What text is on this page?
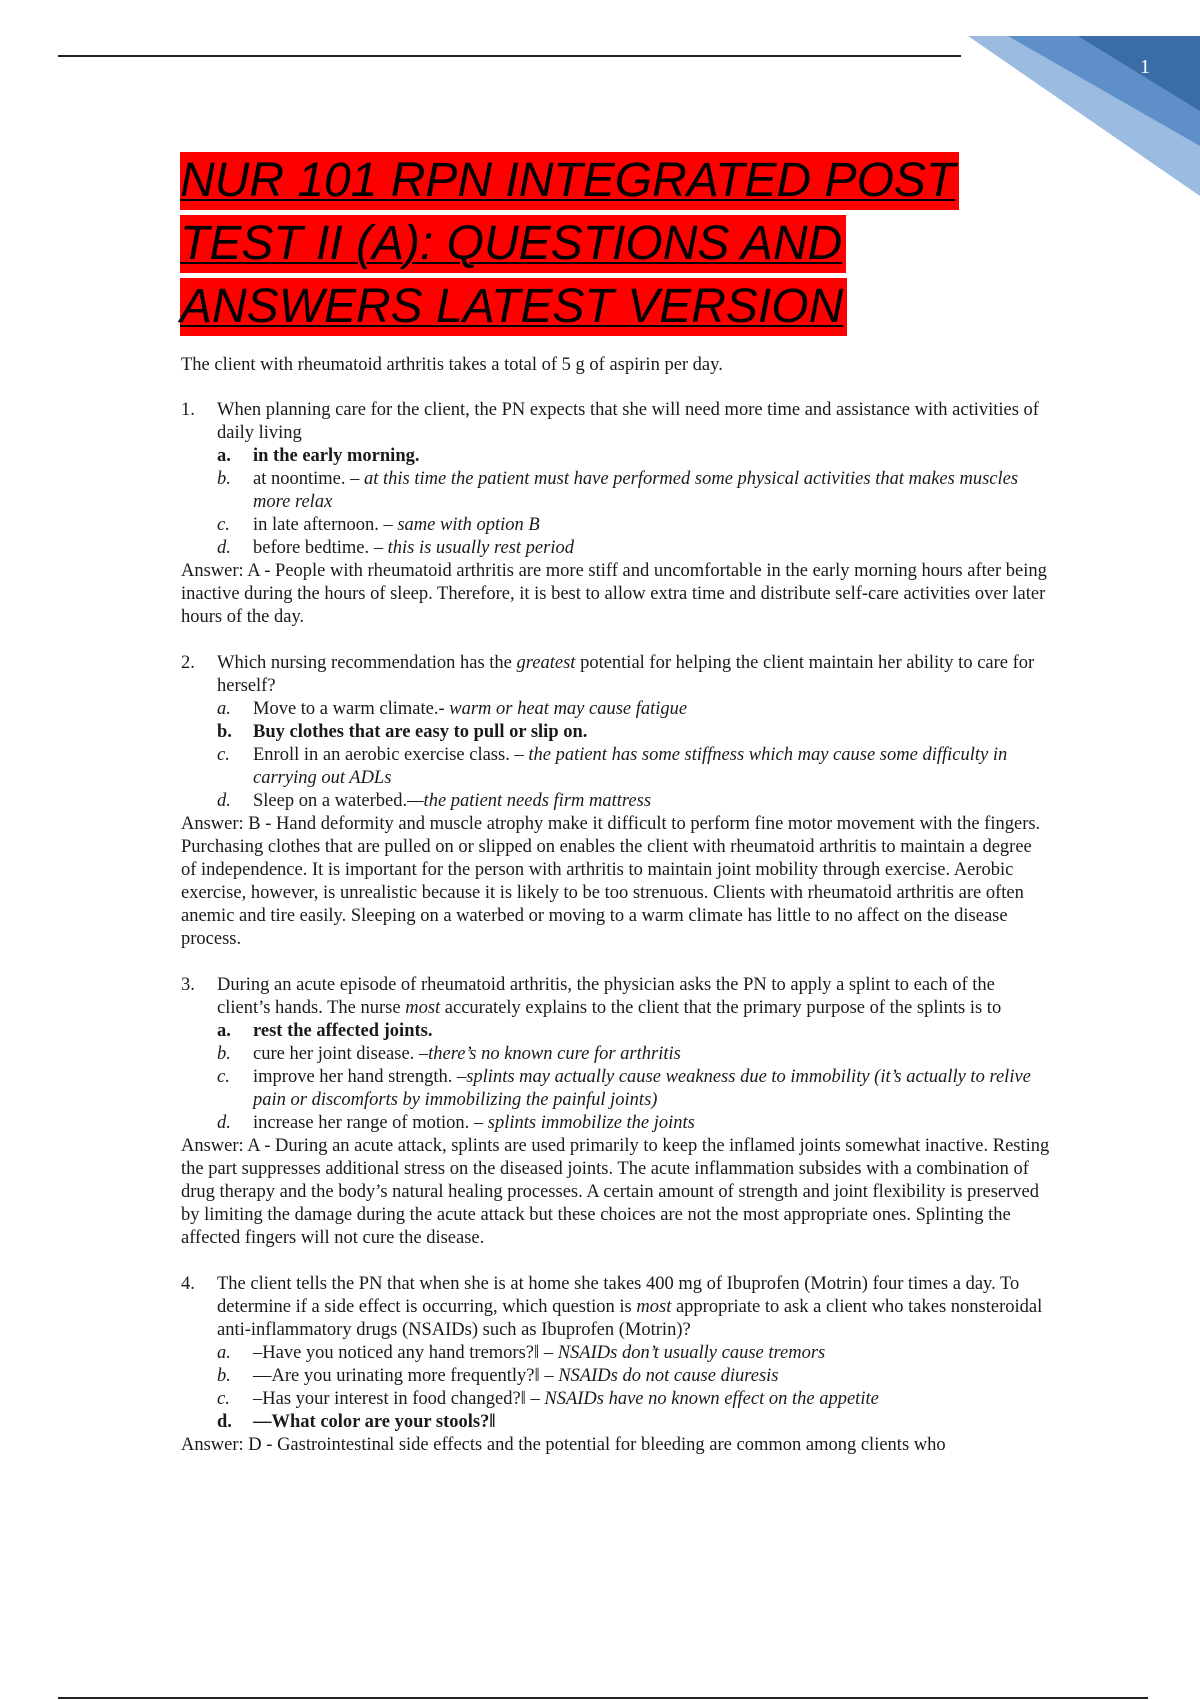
1
NUR 101 RPN INTEGRATED POST
TEST II (A): QUESTIONS AND
ANSWERS LATEST VERSION

The client with rheumatoid arthritis takes a total of 5 g of aspirin per day.

1.	When planning care for the client, the PN expects that she will need more time and assistance with activities of daily living
a.	in the early morning.
b.	at noontime. – at this time the patient must have performed some physical activities that makes muscles more relax
c.	in late afternoon. – same with option B
d.	before bedtime. – this is usually rest period
Answer: A - People with rheumatoid arthritis are more stiff and uncomfortable in the early morning hours after being inactive during the hours of sleep. Therefore, it is best to allow extra time and distribute self-care activities over later hours of the day.
2.	Which nursing recommendation has the greatest potential for helping the client maintain her ability to care for herself?
a.	Move to a warm climate.- warm or heat may cause fatigue
b.	Buy clothes that are easy to pull or slip on.
c.	Enroll in an aerobic exercise class. – the patient has some stiffness which may cause some difficulty in carrying out ADLs
d.	Sleep on a waterbed.—the patient needs firm mattress
Answer: B - Hand deformity and muscle atrophy make it difficult to perform fine motor movement with the fingers. Purchasing clothes that are pulled on or slipped on enables the client with rheumatoid arthritis to maintain a degree of independence. It is important for the person with arthritis to maintain joint mobility through exercise. Aerobic exercise, however, is unrealistic because it is likely to be too strenuous. Clients with rheumatoid arthritis are often anemic and tire easily. Sleeping on a waterbed or moving to a warm climate has little to no affect on the disease process.
3.	During an acute episode of rheumatoid arthritis, the physician asks the PN to apply a splint to each of the client’s hands. The nurse most accurately explains to the client that the primary purpose of the splints is to
a.	rest the affected joints.
b.	cure her joint disease. –there’s no known cure for arthritis
c.	improve her hand strength. –splints may actually cause weakness due to immobility (it’s actually to relive pain or discomforts by immobilizing the painful joints)
d.	increase her range of motion. – splints immobilize the joints
Answer: A - During an acute attack, splints are used primarily to keep the inflamed joints somewhat inactive. Resting the part suppresses additional stress on the diseased joints. The acute inflammation subsides with a combination of drug therapy and the body’s natural healing processes. A certain amount of strength and joint flexibility is preserved by limiting the damage during the acute attack but these choices are not the most appropriate ones. Splinting the affected fingers will not cure the disease.
4.	The client tells the PN that when she is at home she takes 400 mg of Ibuprofen (Motrin) four times a day. To determine if a side effect is occurring, which question is most appropriate to ask a client who takes nonsteroidal anti-inflammatory drugs (NSAIDs) such as Ibuprofen (Motrin)?
a.	–Have you noticed any hand tremors?‖ – NSAIDs don’t usually cause tremors
b.	—Are you urinating more frequently?‖ – NSAIDs do not cause diuresis
c.	–Has your interest in food changed?‖ – NSAIDs have no known effect on the appetite
d.	—What color are your stools?‖
Answer: D - Gastrointestinal side effects and the potential for bleeding are common among clients who
